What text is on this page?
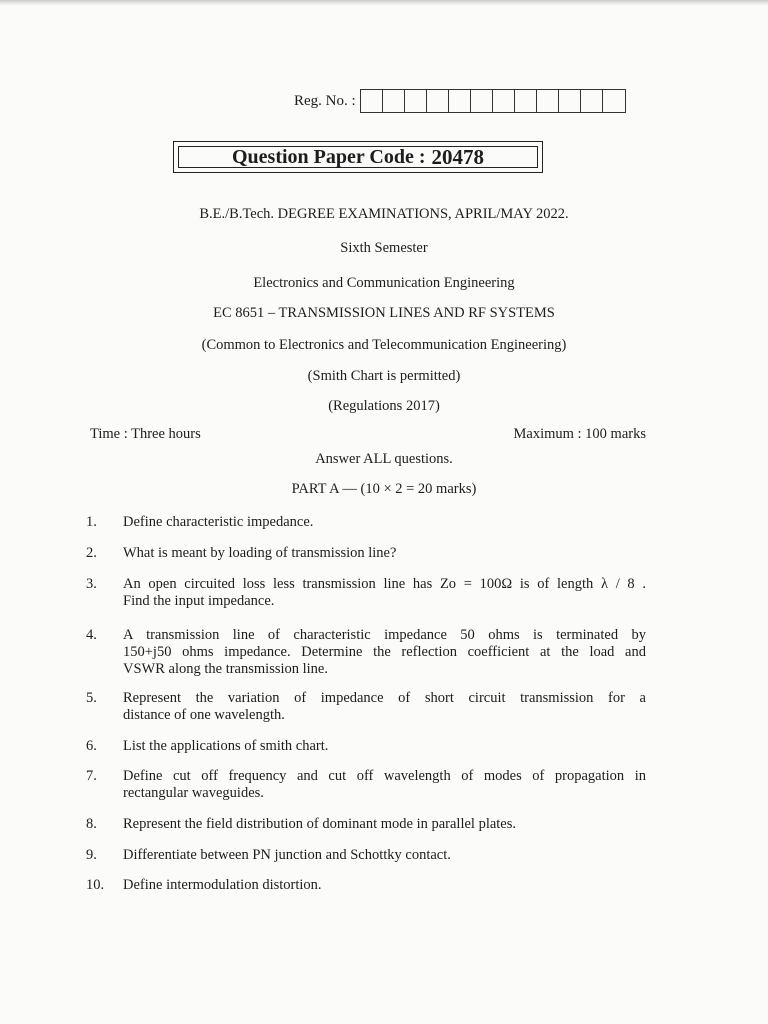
Reg. No. :
Question Paper Code : 20478
B.E./B.Tech. DEGREE EXAMINATIONS, APRIL/MAY 2022.
Sixth Semester
Electronics and Communication Engineering
EC 8651 – TRANSMISSION LINES AND RF SYSTEMS
(Common to Electronics and Telecommunication Engineering)
(Smith Chart is permitted)
(Regulations 2017)
Time : Three hours	Maximum : 100 marks
Answer ALL questions.
PART A — (10 × 2 = 20 marks)
1.	Define characteristic impedance.
2.	What is meant by loading of transmission line?
3.	An open circuited loss less transmission line has Zo = 100Ω is of length λ / 8 .
Find the input impedance.
4.	A transmission line of characteristic impedance 50 ohms is terminated by
150+j50 ohms impedance. Determine the reflection coefficient at the load and
VSWR along the transmission line.
5.	Represent the variation of impedance of short circuit transmission for a
distance of one wavelength.
6.	List the applications of smith chart.
7.	Define cut off frequency and cut off wavelength of modes of propagation in
rectangular waveguides.
8.	Represent the field distribution of dominant mode in parallel plates.
9.	Differentiate between PN junction and Schottky contact.
10.	Define intermodulation distortion.
